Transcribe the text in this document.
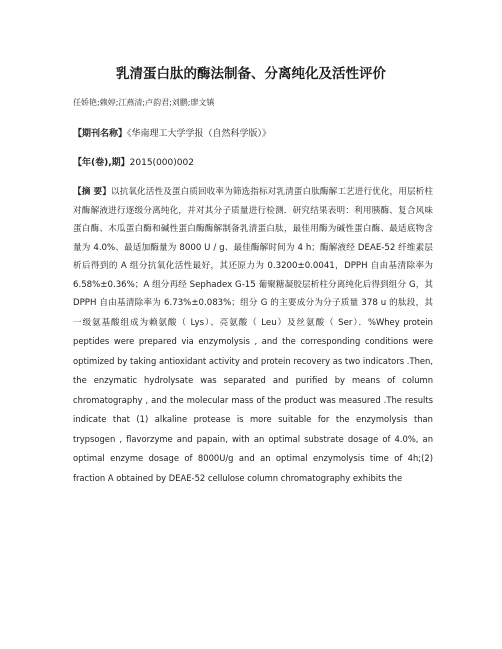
乳清蛋白肽的酶法制备、分离纯化及活性评价
任娇艳;赖婷;江燕清;卢韵君;刘鹏;廖文镇
【期刊名称】《华南理工大学学报（自然科学版）》
【年(卷),期】2015(000)002
【摘 要】以抗氧化活性及蛋白质回收率为筛选指标对乳清蛋白肽酶解工艺进行优化，用层析柱对酶解液进行逐级分离纯化，并对其分子质量进行检测．研究结果表明：利用胰酶、复合风味蛋白酶、木瓜蛋白酶和碱性蛋白酶酶解制备乳清蛋白肽，最佳用酶为碱性蛋白酶、最适底物含量为 4.0%、最适加酶量为 8000 U / g、最佳酶解时间为 4 h；酶解液经 DEAE-52 纤维素层析后得到的 A 组分抗氧化活性最好，其还原力为 0.3200±0.0041，DPPH 自由基清除率为 6.58%±0.36%；A 组分再经 Sephadex G-15 葡聚糖凝胶层析柱分离纯化后得到组分 G，其 DPPH 自由基清除率为 6.73%±0.083%；组分 G 的主要成分为分子质量 378 u 的肽段，其一级氨基酸组成为赖氨酸（ Lys）、亮氨酸（ Leu）及丝氨酸（ Ser）．%Whey protein peptides were prepared via enzymolysis , and the corresponding conditions were optimized by taking antioxidant activity and protein recovery as two indicators .Then, the enzymatic hydrolysate was separated and purified by means of column chromatography , and the molecular mass of the product was measured .The results indicate that (1) alkaline protease is more suitable for the enzymolysis than trypsogen , flavorzyme and papain, with an optimal substrate dosage of 4.0%, an optimal enzyme dosage of 8000U/g and an optimal enzymolysis time of 4h;(2) fraction A obtained by DEAE-52 cellulose column chromatography exhibits the
